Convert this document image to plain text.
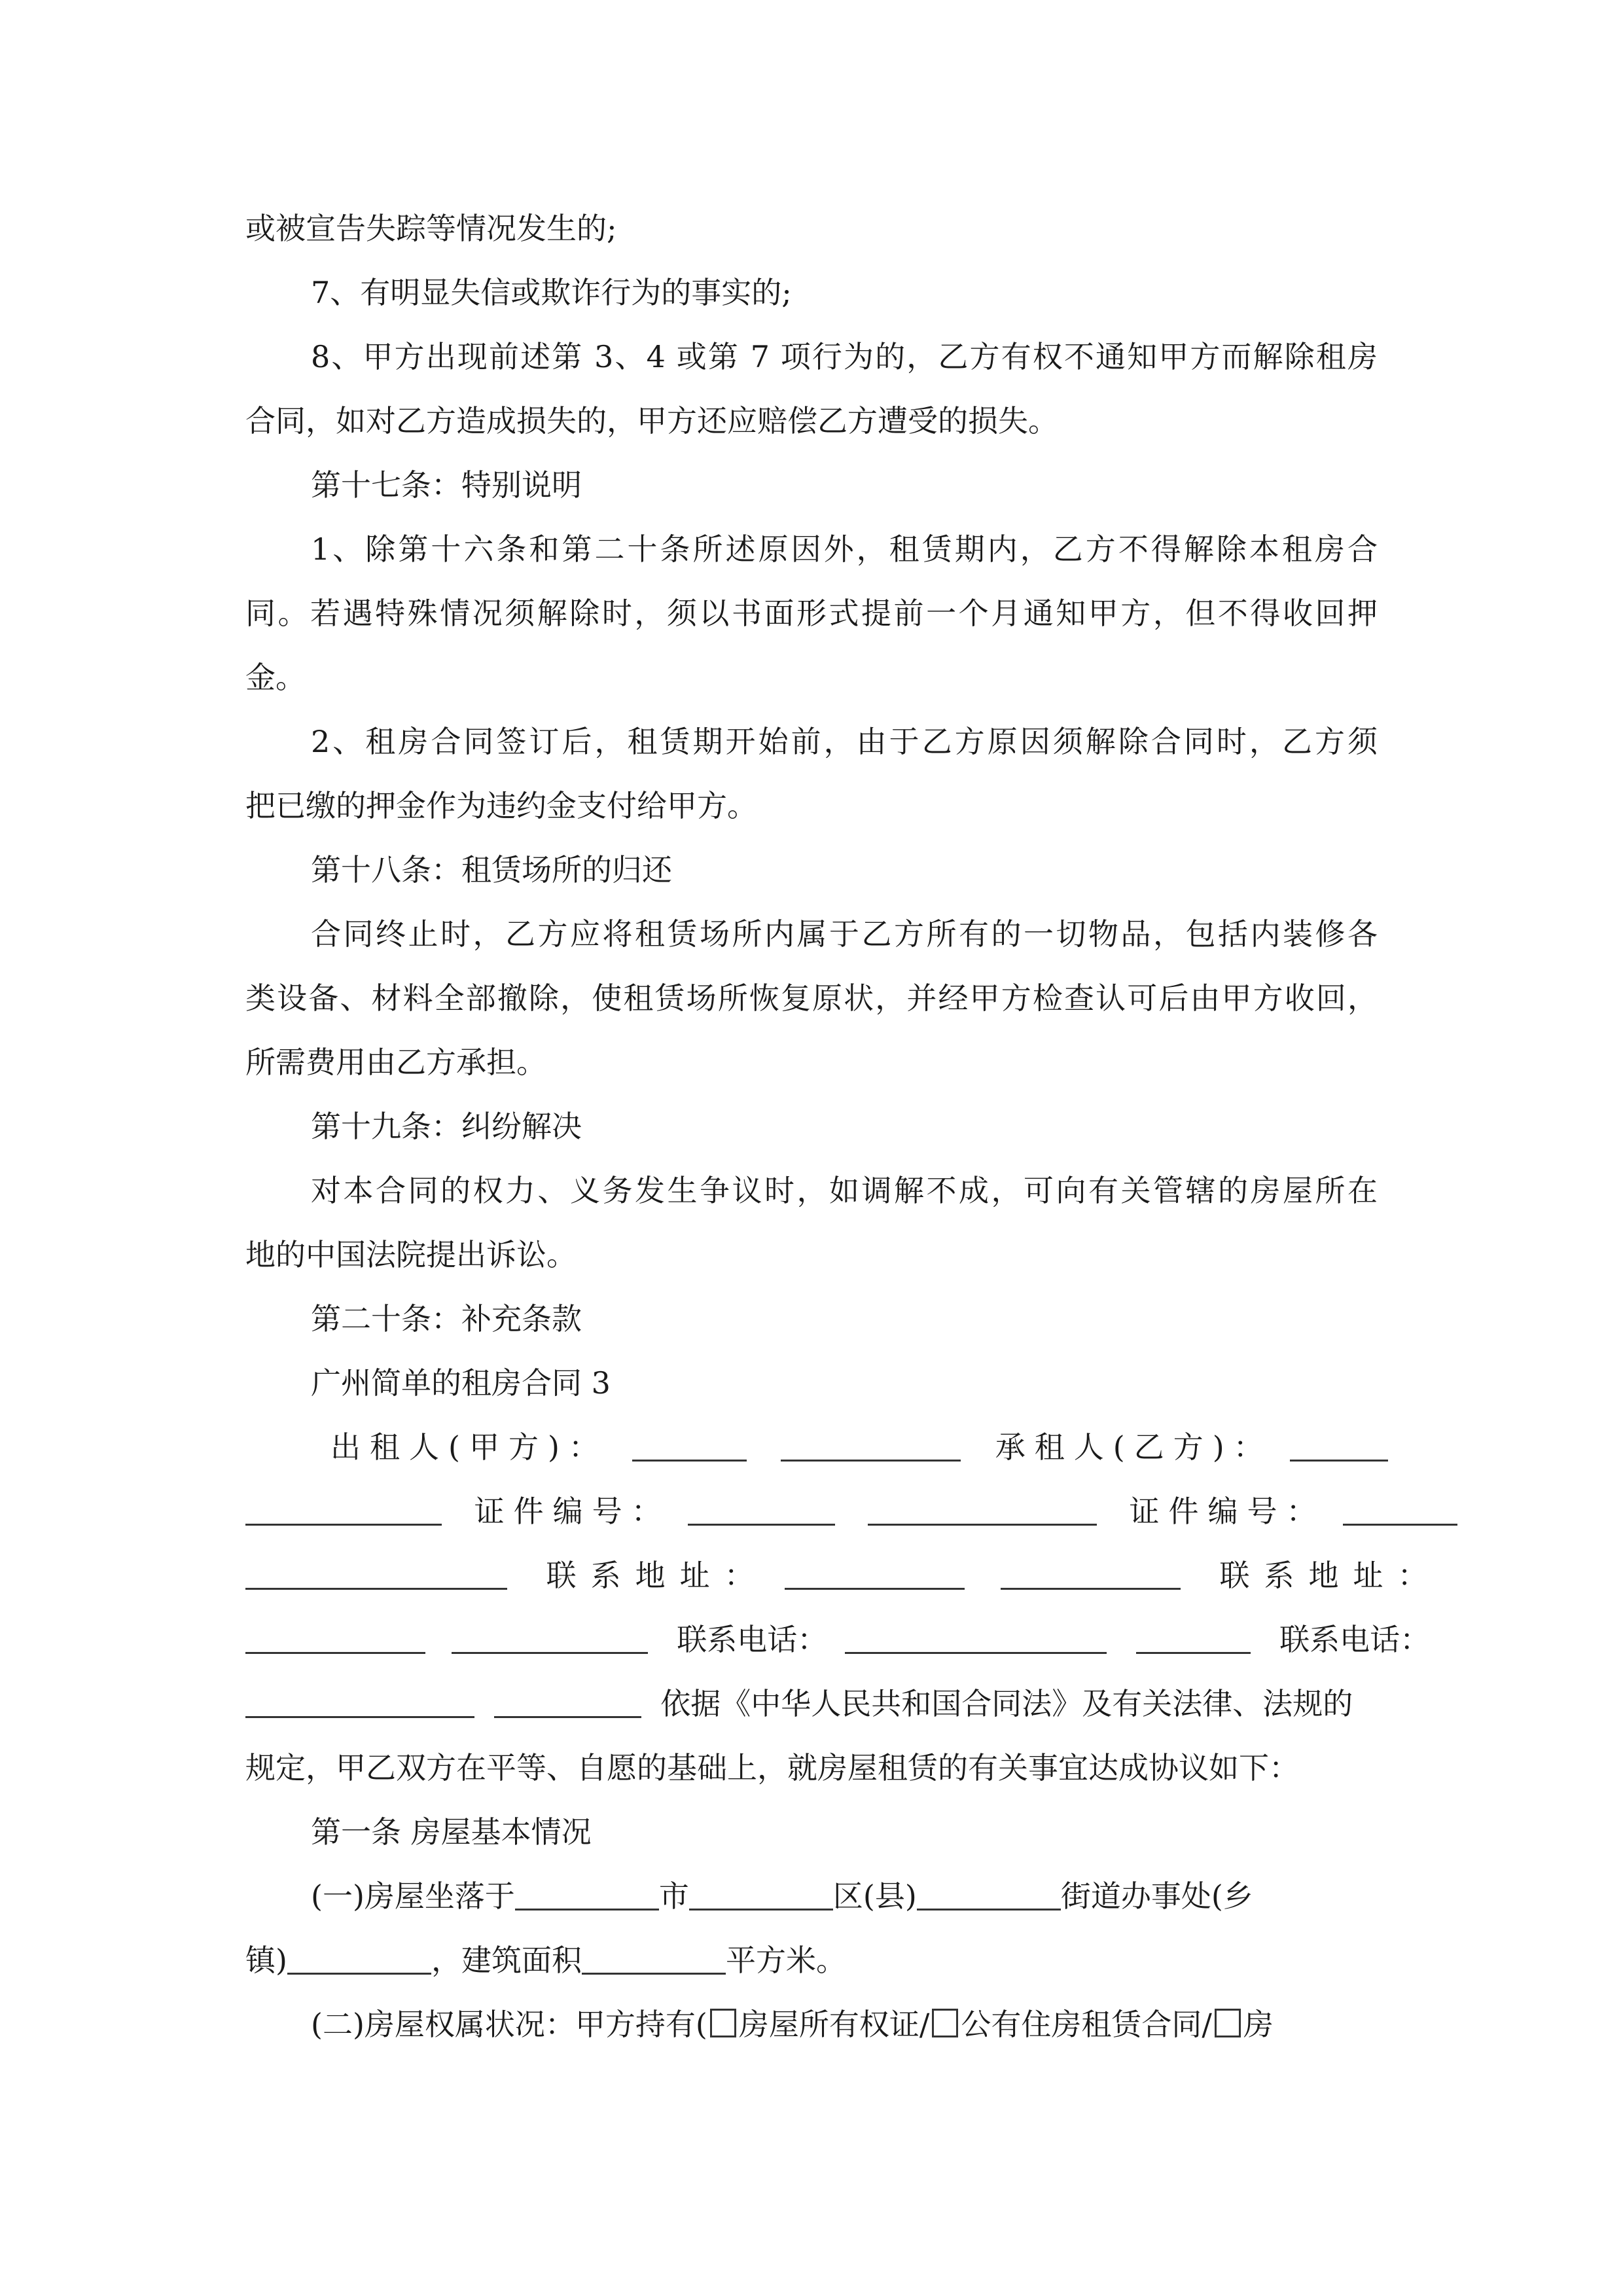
或被宣告失踪等情况发生的;
7、有明显失信或欺诈行为的事实的;
8、甲方出现前述第 3、4 或第 7 项行为的，乙方有权不通知甲方而解除租房
合同，如对乙方造成损失的，甲方还应赔偿乙方遭受的损失。
第十七条：特别说明
1、除第十六条和第二十条所述原因外，租赁期内，乙方不得解除本租房合
同。若遇特殊情况须解除时，须以书面形式提前一个月通知甲方，但不得收回押
金。
2、租房合同签订后，租赁期开始前，由于乙方原因须解除合同时，乙方须
把已缴的押金作为违约金支付给甲方。
第十八条：租赁场所的归还
合同终止时，乙方应将租赁场所内属于乙方所有的一切物品，包括内装修各
类设备、材料全部撤除，使租赁场所恢复原状，并经甲方检查认可后由甲方收回，
所需费用由乙方承担。
第十九条：纠纷解决
对本合同的权力、义务发生争议时，如调解不成，可向有关管辖的房屋所在
地的中国法院提出诉讼。
第二十条：补充条款
广州简单的租房合同 3
出租人(甲方)：	承租人(乙方)：
证件编号：	证件编号：
联系地址：	联系地址：
联系电话：	联系电话：
依据《中华人民共和国合同法》及有关法律、法规的
规定，甲乙双方在平等、自愿的基础上，就房屋租赁的有关事宜达成协议如下：
第一条 房屋基本情况
(一)房屋坐落于	市	区(县)	街道办事处(乡
镇)	，建筑面积	平方米。
(二)房屋权属状况：甲方持有( 房屋所有权证/ 公有住房租赁合同/ 房
